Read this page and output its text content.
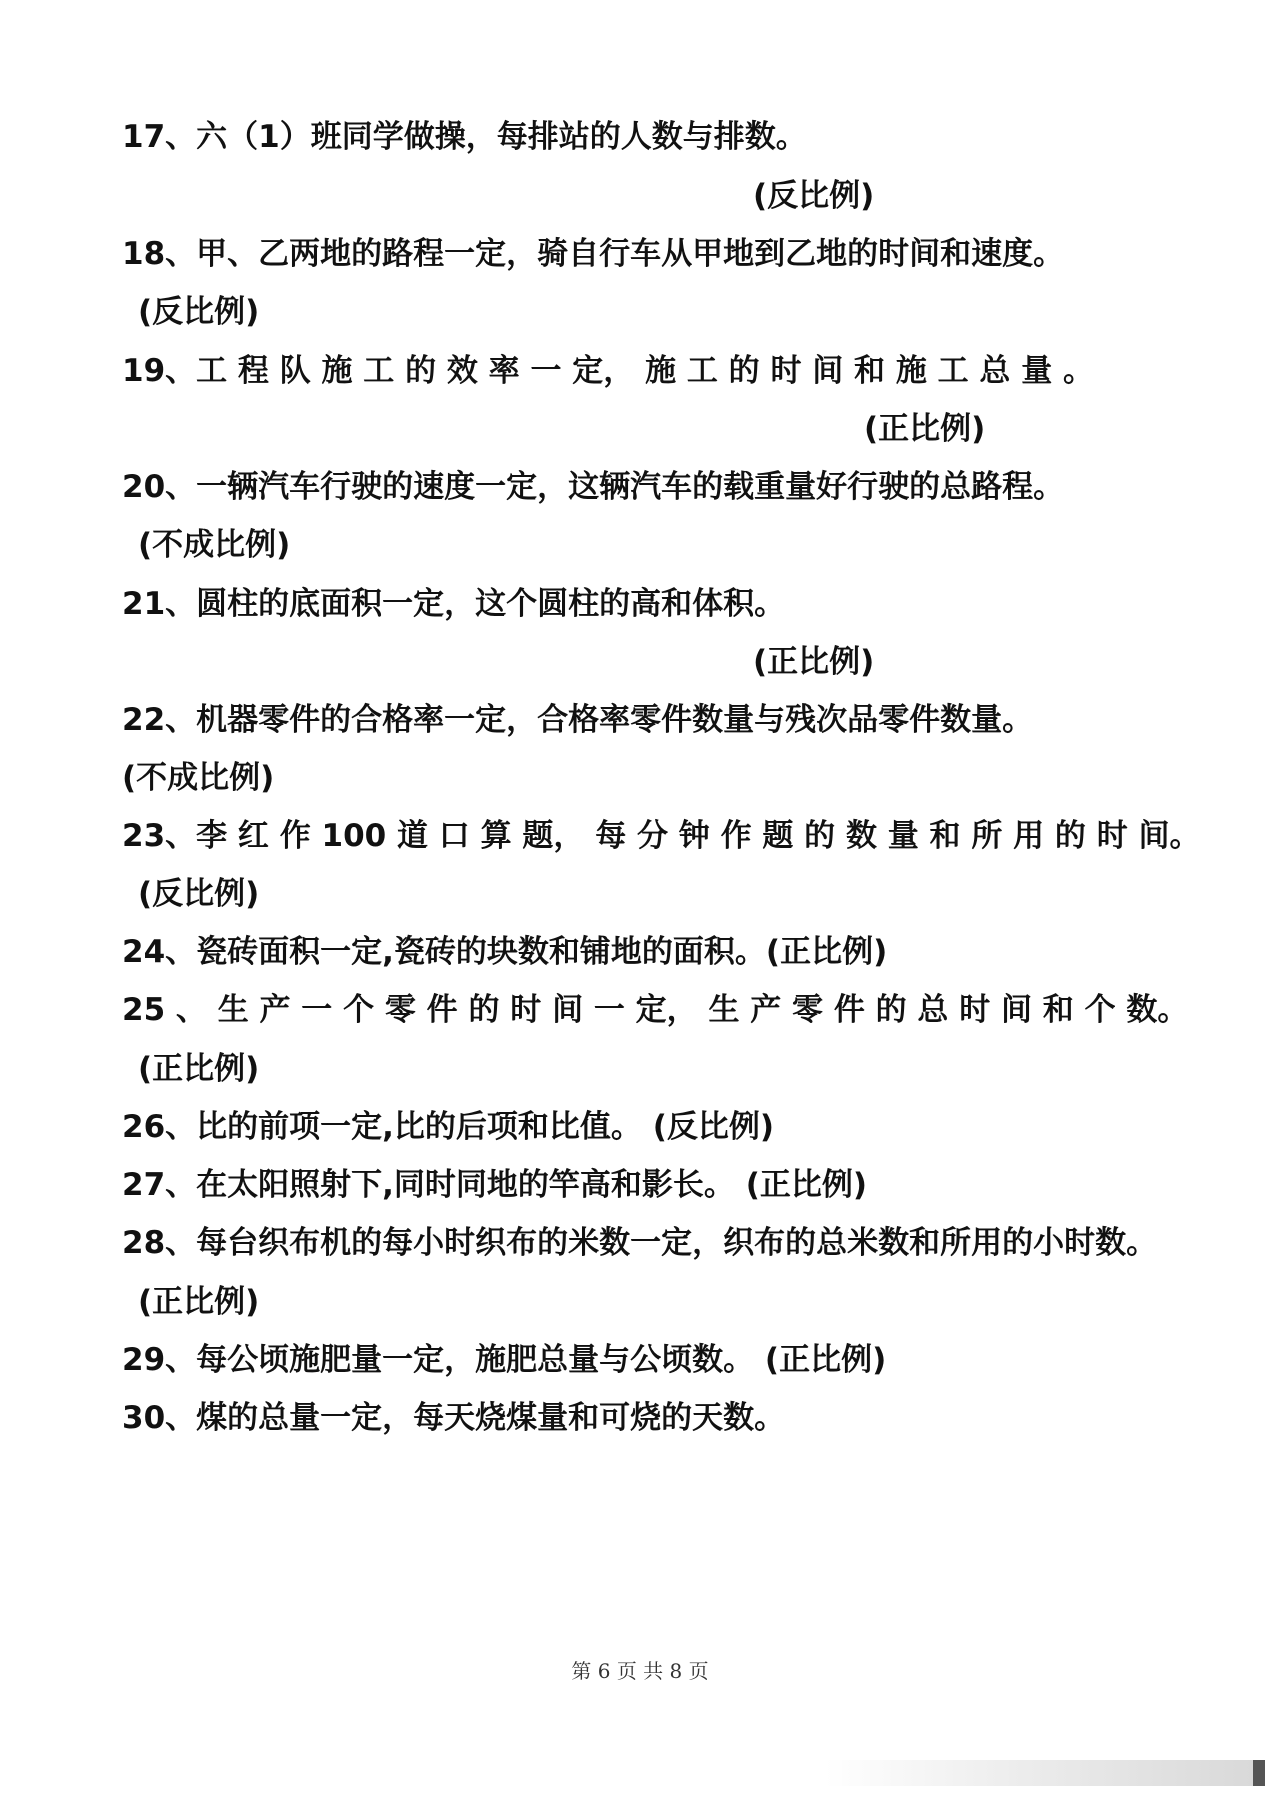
17、六（1）班同学做操，每排站的人数与排数。
(反比例)
18、甲、乙两地的路程一定，骑自行车从甲地到乙地的时间和速度。
(反比例)
19、工 程 队 施 工 的 效 率 一 定， 施 工 的 时 间 和 施 工 总 量 。
(正比例)
20、一辆汽车行驶的速度一定，这辆汽车的载重量好行驶的总路程。
(不成比例)
21、圆柱的底面积一定，这个圆柱的高和体积。
(正比例)
22、机器零件的合格率一定，合格率零件数量与残次品零件数量。
(不成比例)
23、李 红 作 100 道 口 算 题， 每 分 钟 作 题 的 数 量 和 所 用 的 时 间。
(反比例)
24、瓷砖面积一定,瓷砖的块数和铺地的面积。(正比例)
25 、 生 产 一 个 零 件 的 时 间 一 定， 生 产 零 件 的 总 时 间 和 个 数。
(正比例)
26、比的前项一定,比的后项和比值。 (反比例)
27、在太阳照射下,同时同地的竿高和影长。 (正比例)
28、每台织布机的每小时织布的米数一定，织布的总米数和所用的小时数。
(正比例)
29、每公顷施肥量一定，施肥总量与公顷数。 (正比例)
30、煤的总量一定，每天烧煤量和可烧的天数。
第 6 页 共 8 页
